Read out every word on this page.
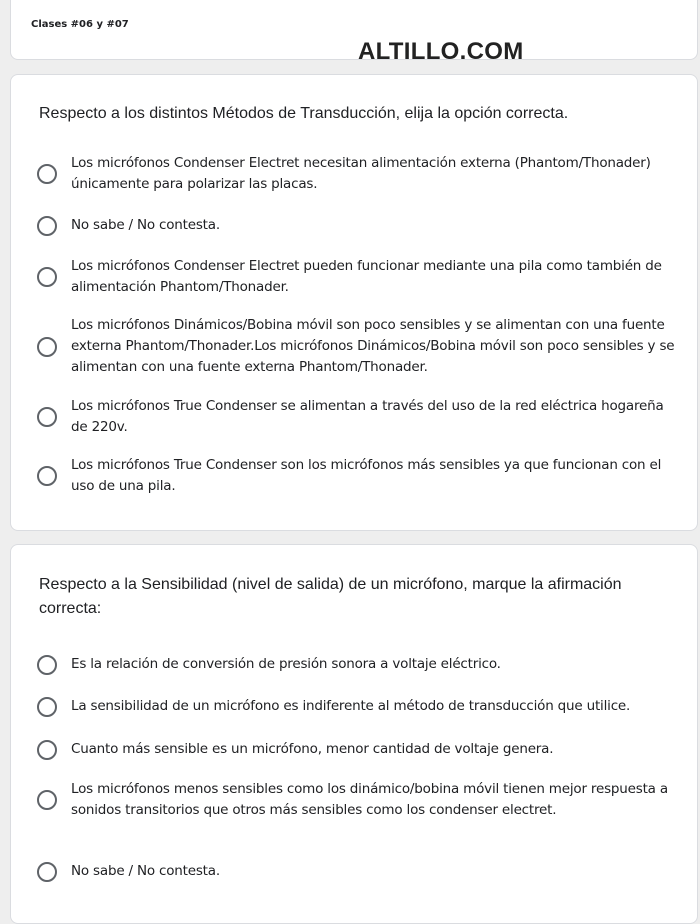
Clases #06 y #07
ALTILLO.COM
Respecto a los distintos Métodos de Transducción, elija la opción correcta.
Los micrófonos Condenser Electret necesitan alimentación externa (Phantom/Thonader) únicamente para polarizar las placas.
No sabe / No contesta.
Los micrófonos Condenser Electret pueden funcionar mediante una pila como también de alimentación Phantom/Thonader.
Los micrófonos Dinámicos/Bobina móvil son poco sensibles y se alimentan con una fuente externa Phantom/Thonader.Los micrófonos Dinámicos/Bobina móvil son poco sensibles y se alimentan con una fuente externa Phantom/Thonader.
Los micrófonos True Condenser se alimentan a través del uso de la red eléctrica hogareña de 220v.
Los micrófonos True Condenser son los micrófonos más sensibles ya que funcionan con el uso de una pila.
Respecto a la Sensibilidad (nivel de salida) de un micrófono, marque la afirmación correcta:
Es la relación de conversión de presión sonora a voltaje eléctrico.
La sensibilidad de un micrófono es indiferente al método de transducción que utilice.
Cuanto más sensible es un micrófono, menor cantidad de voltaje genera.
Los micrófonos menos sensibles como los dinámico/bobina móvil tienen mejor respuesta a sonidos transitorios que otros más sensibles como los condenser electret.
No sabe / No contesta.
